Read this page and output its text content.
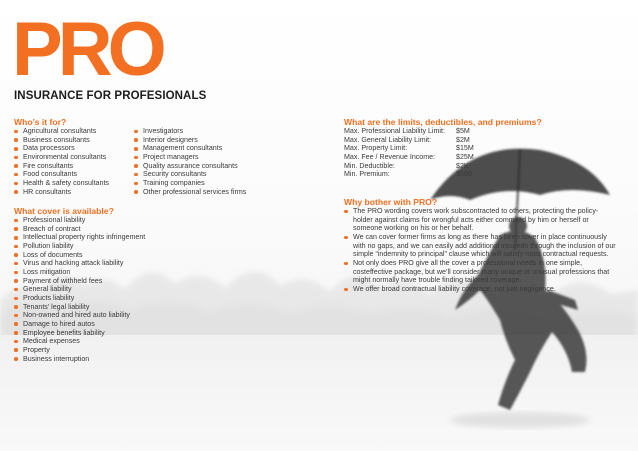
PRO
INSURANCE FOR PROFESIONALS
Who’s it for?
Agricultural consultants
Business consultants
Data processors
Environmental consultants
Fire consultants
Food consultants
Health & safety consultants
HR consultants
Investigators
Interior designers
Management consultants
Project managers
Quality assurance consultants
Security consultants
Training companies
Other professional services firms
What cover is available?
Professional liability
Breach of contract
Intellectual property rights infringement
Pollution liability
Loss of documents
Virus and hacking attack liability
Loss mitigation
Payment of withheld fees
General liability
Products liability
Tenants’ legal liability
Non-owned and hired auto liability
Damage to hired autos
Employee benefits liability
Medical expenses
Property
Business interruption
What are the limits, deductibles, and premiums?
Max. Professional Liability Limit:	$5M
Max. General Liability Limit:	$2M
Max. Property Limit:	$15M
Max. Fee / Revenue Income:	$25M
Min. Deductible:	$2K
Min. Premium:	$500
Why bother with PRO?
The PRO wording covers work subscontracted to others, protecting the policy-holder against claims for wrongful acts either commited by him or herself or someone working on his or her behalf.
We can cover former firms as long as there has been cover in place continuously with no gaps, and we can easily add additional insureds through the inclusion of our simple “indemnity to principal” clause which will satisfy most contractual requests.
Not only does PRO give all the cover a professional needs in one simple, costeffective package, but we’ll consider many unique or unusual professions that might normally have trouble finding tailored coverage.
We offer broad contractual liability coverage, not just negligence.
